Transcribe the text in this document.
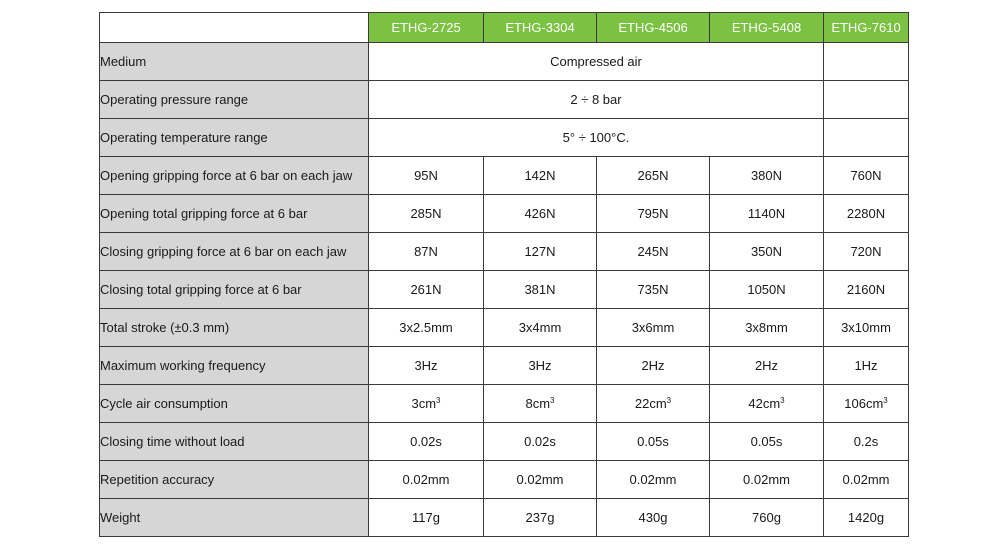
	ETHG-2725	ETHG-3304	ETHG-4506	ETHG-5408	ETHG-7610
Medium	Compressed air				
Operating pressure range	2 ÷ 8 bar				
Operating temperature range	5° ÷ 100°C.				
Opening gripping force at 6 bar on each jaw	95N	142N	265N	380N	760N
Opening total gripping force at 6 bar	285N	426N	795N	1140N	2280N
Closing gripping force at 6 bar on each jaw	87N	127N	245N	350N	720N
Closing total gripping force at 6 bar	261N	381N	735N	1050N	2160N
Total stroke (±0.3 mm)	3x2.5mm	3x4mm	3x6mm	3x8mm	3x10mm
Maximum working frequency	3Hz	3Hz	2Hz	2Hz	1Hz
Cycle air consumption	$3cm^3$	$8cm^3$	$22cm^3$	$42cm^3$	$106cm^3$
Closing time without load	0.02s	0.02s	0.05s	0.05s	0.2s
Repetition accuracy	0.02mm	0.02mm	0.02mm	0.02mm	0.02mm
Weight	117g	237g	430g	760g	1420g
